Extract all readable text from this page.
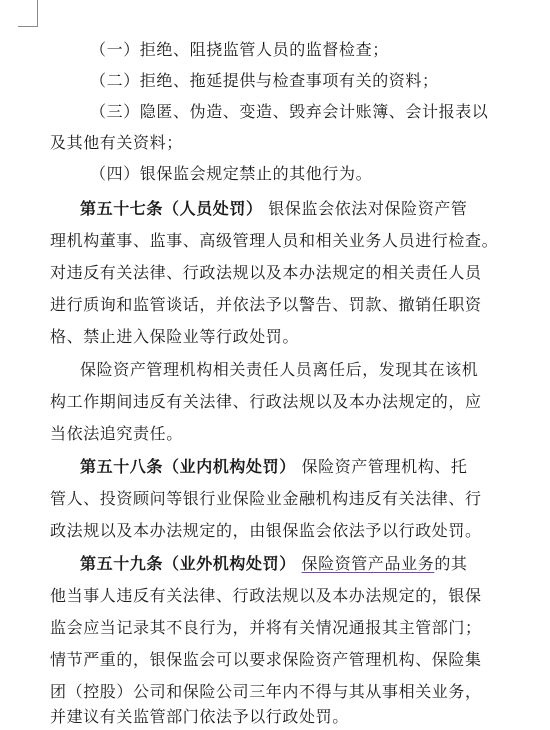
（一）拒绝、阻挠监管人员的监督检查；
（二）拒绝、拖延提供与检查事项有关的资料；
（三）隐匿、伪造、变造、毁弃会计账簿、会计报表以
及其他有关资料；
（四）银保监会规定禁止的其他行为。
第五十七条（人员处罚） 银保监会依法对保险资产管
理机构董事、监事、高级管理人员和相关业务人员进行检查。
对违反有关法律、行政法规以及本办法规定的相关责任人员
进行质询和监管谈话，并依法予以警告、罚款、撤销任职资
格、禁止进入保险业等行政处罚。
保险资产管理机构相关责任人员离任后，发现其在该机
构工作期间违反有关法律、行政法规以及本办法规定的，应
当依法追究责任。
第五十八条（业内机构处罚） 保险资产管理机构、托
管人、投资顾问等银行业保险业金融机构违反有关法律、行
政法规以及本办法规定的，由银保监会依法予以行政处罚。
第五十九条（业外机构处罚） 保险资管产品业务的其
他当事人违反有关法律、行政法规以及本办法规定的，银保
监会应当记录其不良行为，并将有关情况通报其主管部门；
情节严重的，银保监会可以要求保险资产管理机构、保险集
团（控股）公司和保险公司三年内不得与其从事相关业务，
并建议有关监管部门依法予以行政处罚。
